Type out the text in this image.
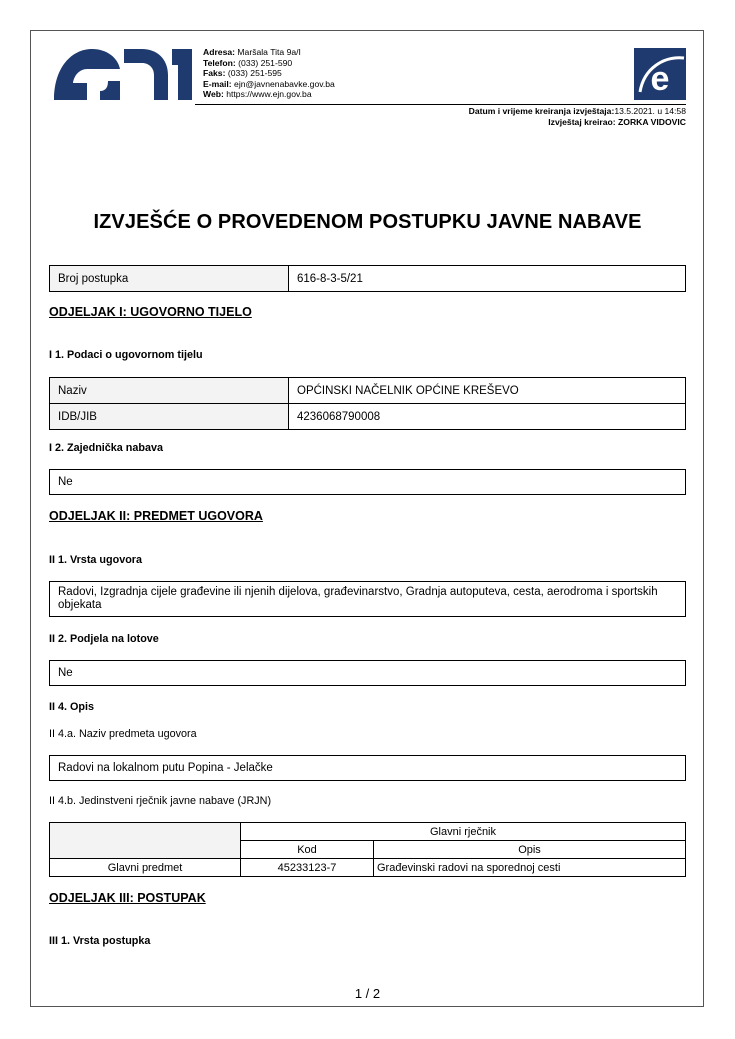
Adresa: Maršala Tita 9a/I
Telefon: (033) 251-590
Faks: (033) 251-595
E-mail: ejn@javnenabavke.gov.ba
Web: https://www.ejn.gov.ba	e
Datum i vrijeme kreiranja izvještaja:13.5.2021. u 14:58
Izvještaj kreirao: ZORKA VIDOVIC
IZVJEŠĆE O PROVEDENOM POSTUPKU JAVNE NABAVE
Broj postupka	616-8-3-5/21
ODJELJAK I: UGOVORNO TIJELO
I 1. Podaci o ugovornom tijelu
Naziv	OPĆINSKI NAČELNIK OPĆINE KREŠEVO
IDB/JIB	4236068790008
I 2. Zajednička nabava
Ne
ODJELJAK II: PREDMET UGOVORA
II 1. Vrsta ugovora
Radovi, Izgradnja cijele građevine ili njenih dijelova, građevinarstvo, Gradnja autoputeva, cesta, aerodroma i sportskih objekata
II 2. Podjela na lotove
Ne
II 4. Opis
II 4.a. Naziv predmeta ugovora
Radovi na lokalnom putu Popina - Jelačke
II 4.b. Jedinstveni rječnik javne nabave (JRJN)
	Glavni rječnik	
	Kod	Opis
Glavni predmet	45233123-7	Građevinski radovi na sporednoj cesti
ODJELJAK III: POSTUPAK
III 1. Vrsta postupka
1 / 2
